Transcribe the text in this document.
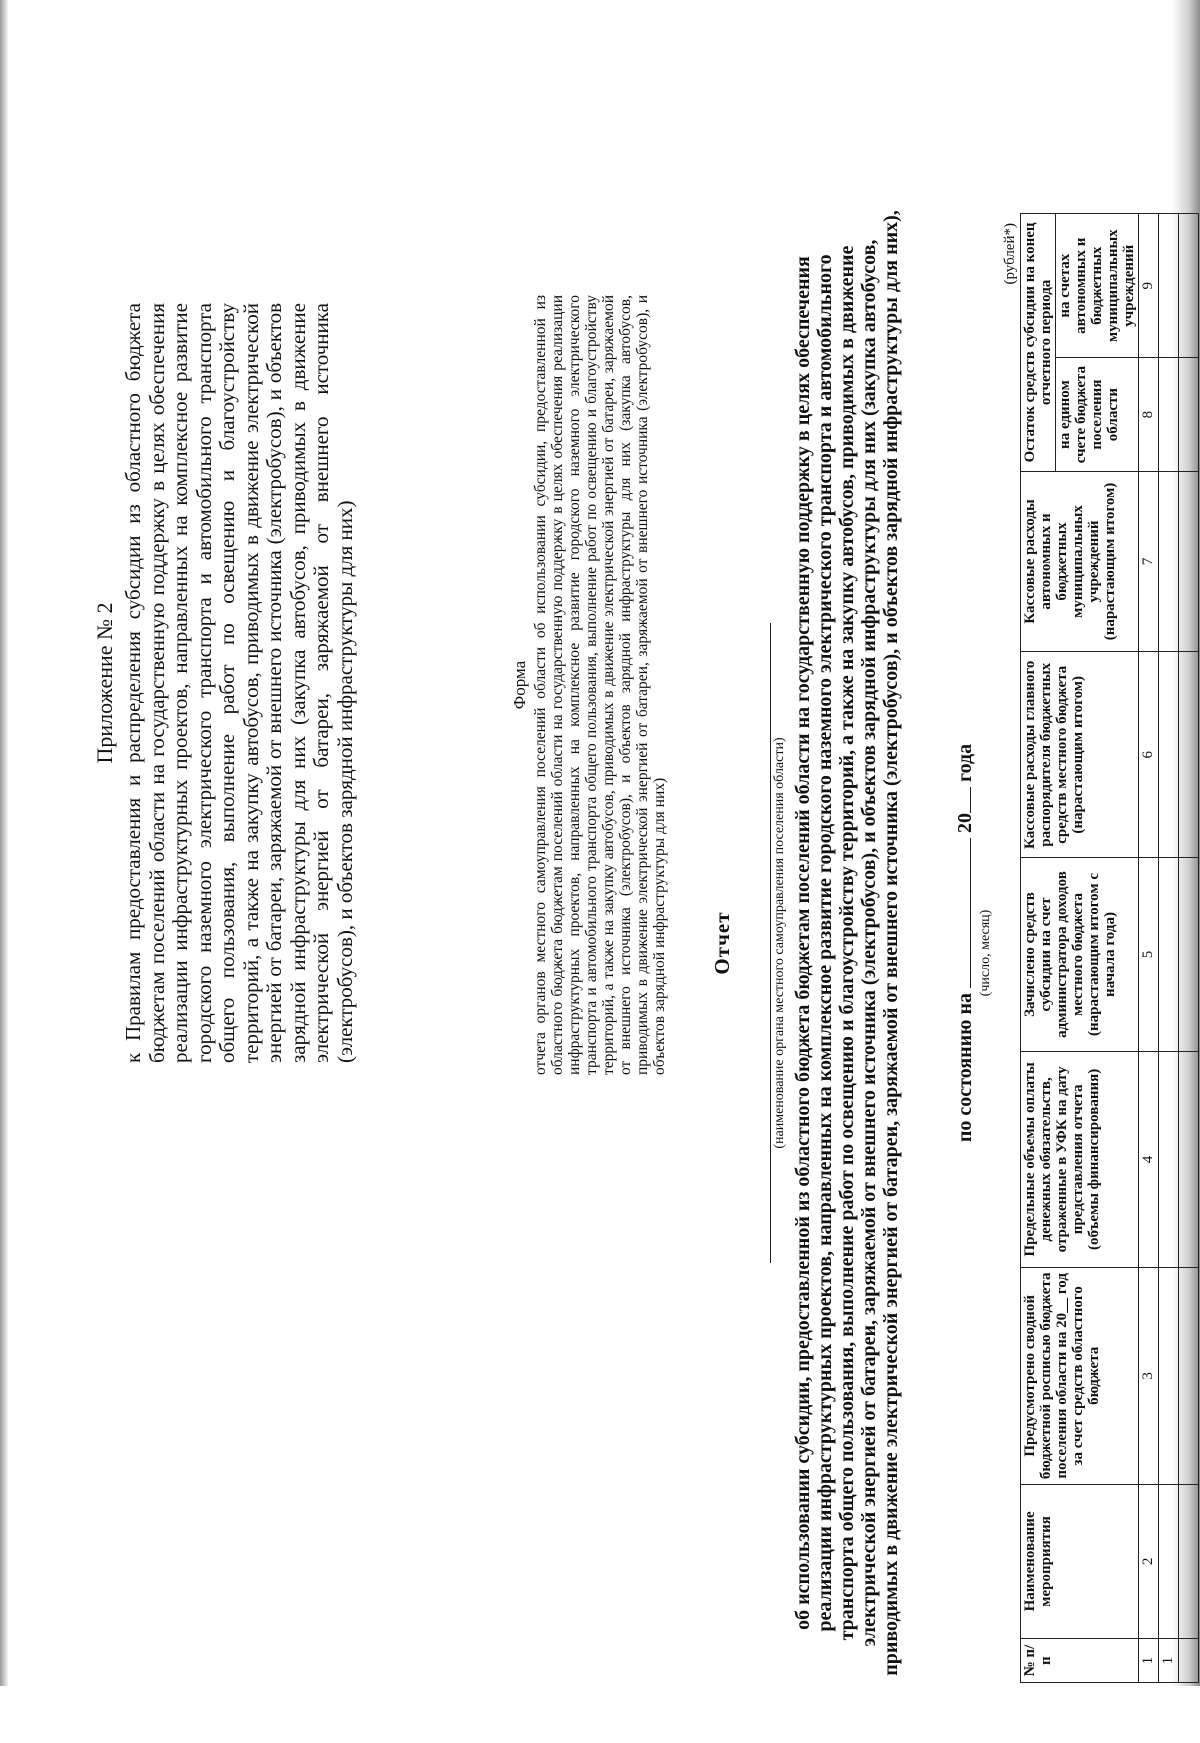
Приложение № 2 к Правилам предоставления и распределения субсидии из областного бюджета бюджетам поселений области на государственную поддержку в целях обеспечения реализации инфраструктурных проектов, направленных на комплексное развитие городского наземного электрического транспорта и автомобильного транспорта общего пользования, выполнение работ по освещению и благоустройству территорий, а также на закупку автобусов, приводимых в движение электрической энергией от батареи, заряжаемой от внешнего источника (электробусов), и объектов зарядной инфраструктуры для них (закупка автобусов, приводимых в движение электрической энергией от батареи, заряжаемой от внешнего источника (электробусов), и объектов зарядной инфраструктуры для них)	Форма отчета органов местного самоуправления поселений области об использовании субсидии, предоставленной из областного бюджета бюджетам поселений области на государственную поддержку в целях обеспечения реализации инфраструктурных проектов, направленных на комплексное развитие городского наземного электрического транспорта и автомобильного транспорта общего пользования, выполнение работ по освещению и благоустройству территорий, а также на закупку автобусов, приводимых в движение электрической энергией от батареи, заряжаемой от внешнего источника (электробусов), и объектов зарядной инфраструктуры для них (закупка автобусов, приводимых в движение электрической энергией от батареи, заряжаемой от внешнего источника (электробусов), и объектов зарядной инфраструктуры для них) Отчет	(наименование органа местного самоуправления поселения области) об использовании субсидии, предоставленной из областного бюджета бюджетам поселений области на государственную поддержку в целях обеспечения реализации инфраструктурных проектов, направленных на комплексное развитие городского наземного электрического транспорта и автомобильного транспорта общего пользования, выполнение работ по освещению и благоустройству территорий, а также на закупку автобусов, приводимых в движение электрической энергией от батареи, заряжаемой от внешнего источника (электробусов), и объектов зарядной инфраструктуры для них (закупка автобусов, приводимых в движение электрической энергией от батареи, заряжаемой от внешнего источника (электробусов), и объектов зарядной инфраструктуры для них),	по состоянию на  20 года
(число, месяц)
(рублей*)
№ п/п	Наименование мероприятия	Предусмотрено сводной бюджетной росписью бюджета поселения области на 20__ год за счет средств областного бюджета	Предельные объемы оплаты денежных обязательств, отраженные в УФК на дату представления отчета (объемы финансирования)	Зачислено средств субсидии на счет администратора доходов местного бюджета (нарастающим итогом с начала года)	Кассовые расходы главного распорядителя бюджетных средств местного бюджета (нарастающим итогом)	Кассовые расходы автономных и бюджетных муниципальных учреждений (нарастающим итогом)	Остаток средств субсидии на конец отчетного периода	
							на едином счете бюджета поселения области	на счетах автономных и бюджетных муниципальных учреждений
1	2	3	4	5	6	7	8	9
1								
